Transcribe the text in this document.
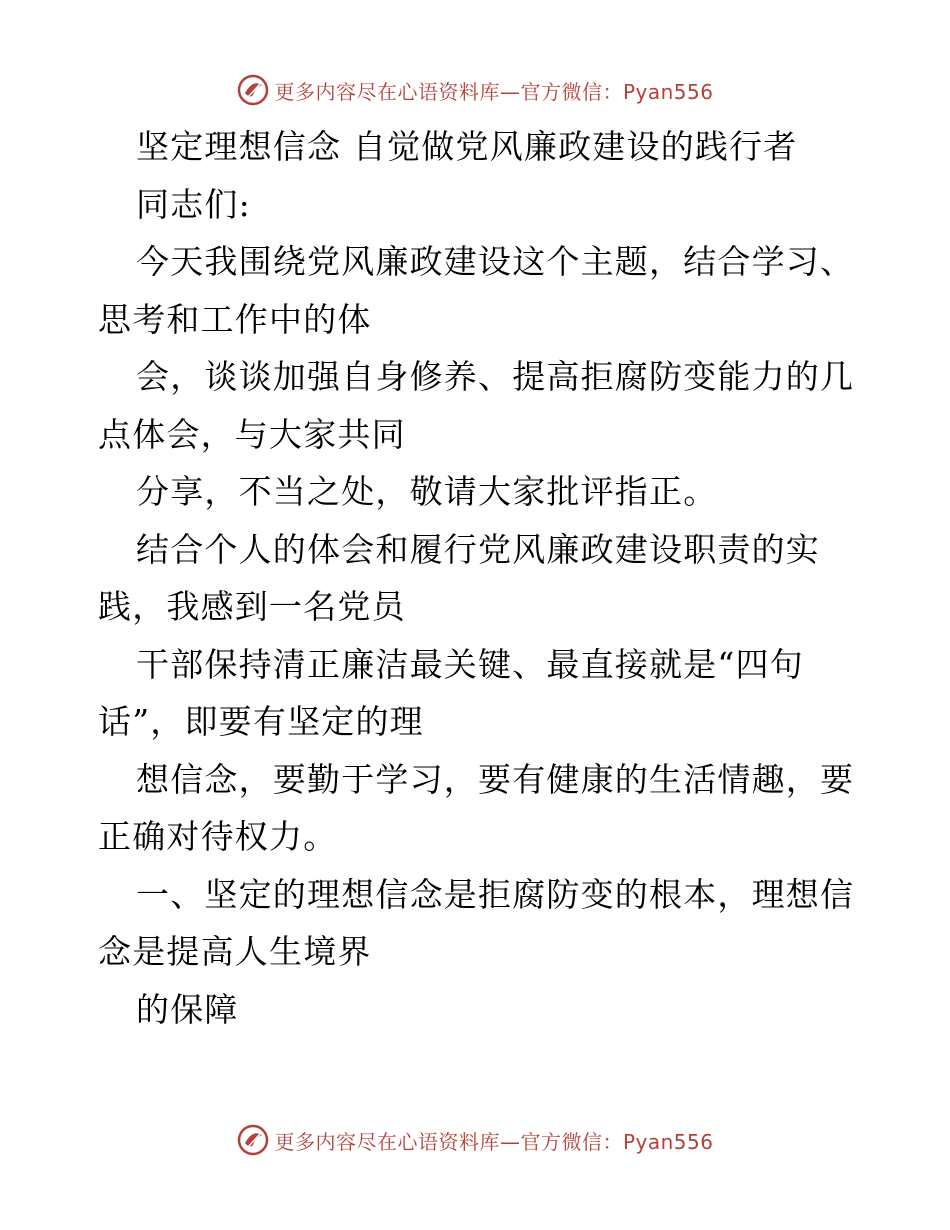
更多内容尽在心语资料库—官方微信：Pyan556
坚定理想信念 自觉做党风廉政建设的践行者
同志们:
今天我围绕党风廉政建设这个主题，结合学习、
思考和工作中的体
会，谈谈加强自身修养、提高拒腐防变能力的几
点体会，与大家共同
分享，不当之处，敬请大家批评指正。
结合个人的体会和履行党风廉政建设职责的实
践，我感到一名党员
干部保持清正廉洁最关键、最直接就是“四句
话”，即要有坚定的理
想信念，要勤于学习，要有健康的生活情趣，要
正确对待权力。
一、坚定的理想信念是拒腐防变的根本，理想信
念是提高人生境界
的保障
更多内容尽在心语资料库—官方微信：Pyan556
